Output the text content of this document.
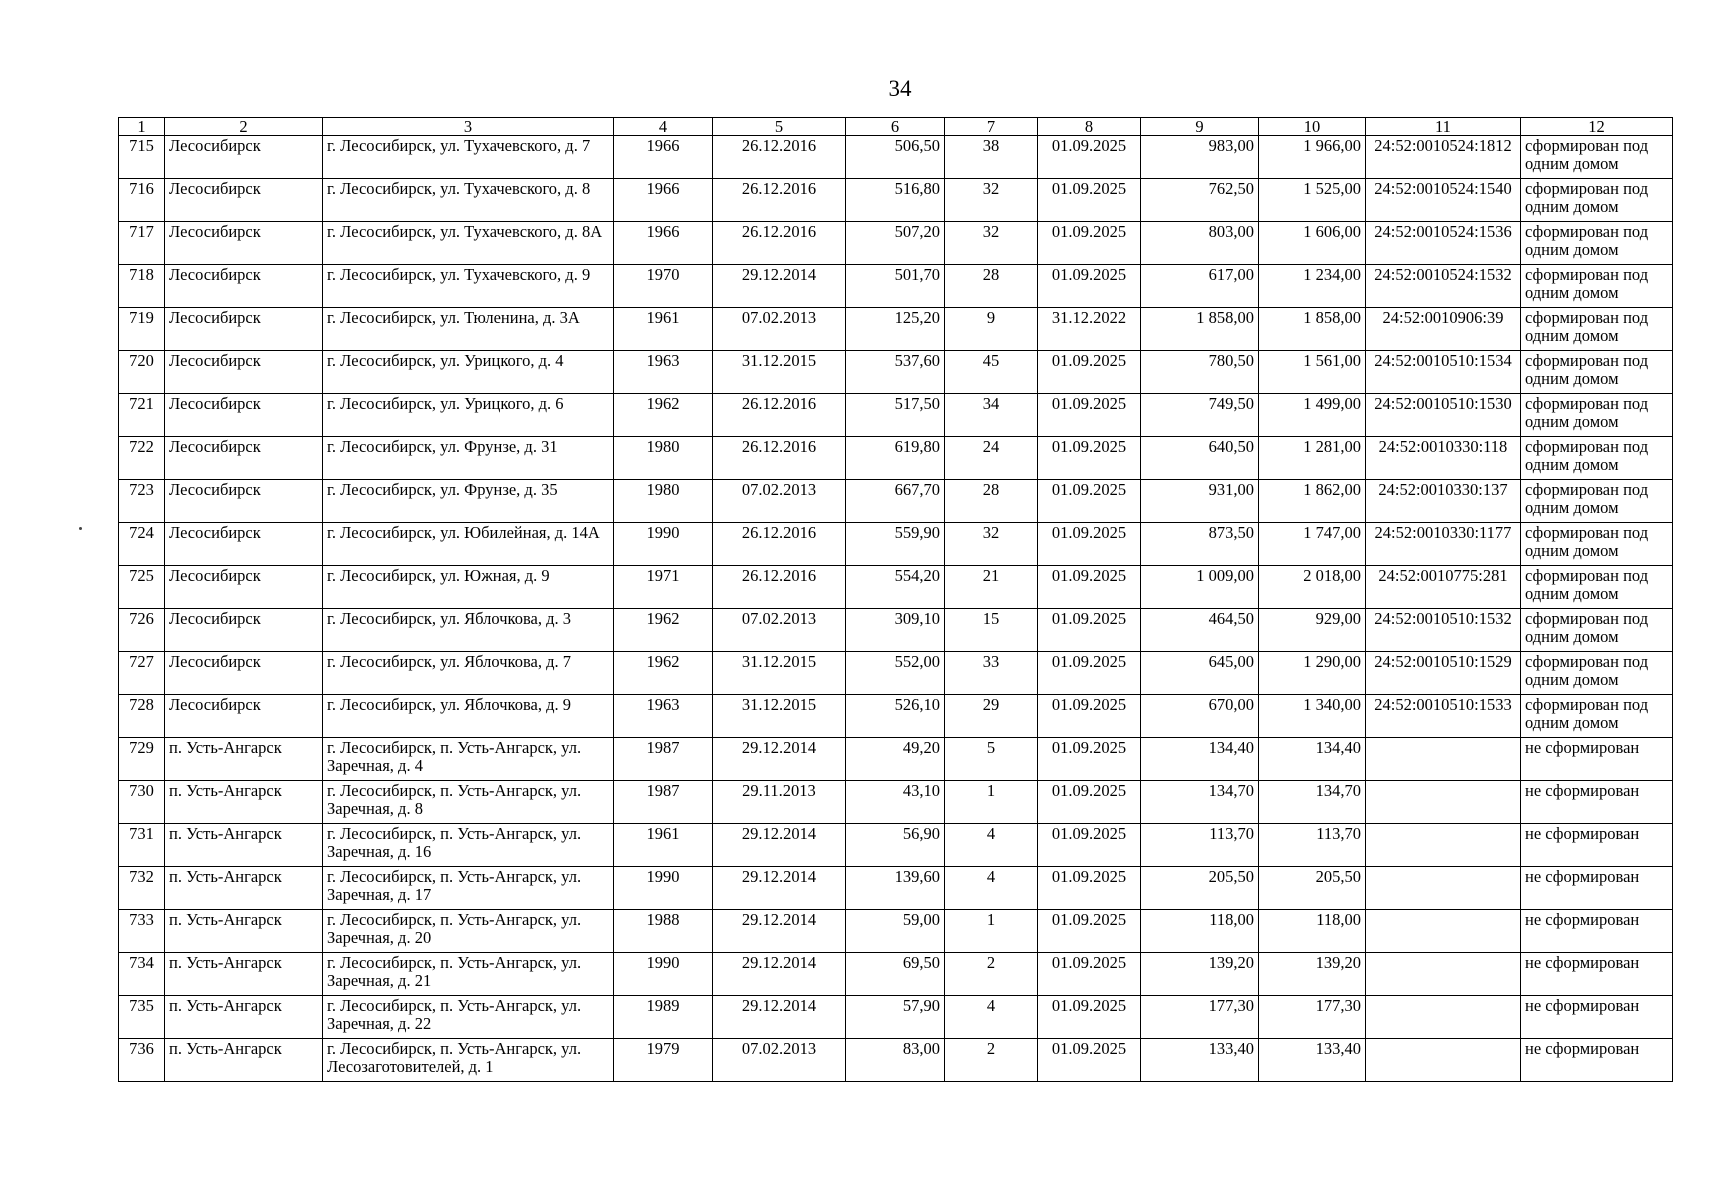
34
1	2	3	4	5	6	7	8	9	10	11	12
715	Лесосибирск	г. Лесосибирск, ул. Тухачевского, д. 7	1966	26.12.2016	506,50	38	01.09.2025	983,00	1 966,00	24:52:0010524:1812	сформирован под одним домом
716	Лесосибирск	г. Лесосибирск, ул. Тухачевского, д. 8	1966	26.12.2016	516,80	32	01.09.2025	762,50	1 525,00	24:52:0010524:1540	сформирован под одним домом
717	Лесосибирск	г. Лесосибирск, ул. Тухачевского, д. 8А	1966	26.12.2016	507,20	32	01.09.2025	803,00	1 606,00	24:52:0010524:1536	сформирован под одним домом
718	Лесосибирск	г. Лесосибирск, ул. Тухачевского, д. 9	1970	29.12.2014	501,70	28	01.09.2025	617,00	1 234,00	24:52:0010524:1532	сформирован под одним домом
719	Лесосибирск	г. Лесосибирск, ул. Тюленина, д. 3А	1961	07.02.2013	125,20	9	31.12.2022	1 858,00	1 858,00	24:52:0010906:39	сформирован под одним домом
720	Лесосибирск	г. Лесосибирск, ул. Урицкого, д. 4	1963	31.12.2015	537,60	45	01.09.2025	780,50	1 561,00	24:52:0010510:1534	сформирован под одним домом
721	Лесосибирск	г. Лесосибирск, ул. Урицкого, д. 6	1962	26.12.2016	517,50	34	01.09.2025	749,50	1 499,00	24:52:0010510:1530	сформирован под одним домом
722	Лесосибирск	г. Лесосибирск, ул. Фрунзе, д. 31	1980	26.12.2016	619,80	24	01.09.2025	640,50	1 281,00	24:52:0010330:118	сформирован под одним домом
723	Лесосибирск	г. Лесосибирск, ул. Фрунзе, д. 35	1980	07.02.2013	667,70	28	01.09.2025	931,00	1 862,00	24:52:0010330:137	сформирован под одним домом
724	Лесосибирск	г. Лесосибирск, ул. Юбилейная, д. 14А	1990	26.12.2016	559,90	32	01.09.2025	873,50	1 747,00	24:52:0010330:1177	сформирован под одним домом
725	Лесосибирск	г. Лесосибирск, ул. Южная, д. 9	1971	26.12.2016	554,20	21	01.09.2025	1 009,00	2 018,00	24:52:0010775:281	сформирован под одним домом
726	Лесосибирск	г. Лесосибирск, ул. Яблочкова, д. 3	1962	07.02.2013	309,10	15	01.09.2025	464,50	929,00	24:52:0010510:1532	сформирован под одним домом
727	Лесосибирск	г. Лесосибирск, ул. Яблочкова, д. 7	1962	31.12.2015	552,00	33	01.09.2025	645,00	1 290,00	24:52:0010510:1529	сформирован под одним домом
728	Лесосибирск	г. Лесосибирск, ул. Яблочкова, д. 9	1963	31.12.2015	526,10	29	01.09.2025	670,00	1 340,00	24:52:0010510:1533	сформирован под одним домом
729	п. Усть-Ангарск	г. Лесосибирск, п. Усть-Ангарск, ул. Заречная, д. 4	1987	29.12.2014	49,20	5	01.09.2025	134,40	134,40		не сформирован
730	п. Усть-Ангарск	г. Лесосибирск, п. Усть-Ангарск, ул. Заречная, д. 8	1987	29.11.2013	43,10	1	01.09.2025	134,70	134,70		не сформирован
731	п. Усть-Ангарск	г. Лесосибирск, п. Усть-Ангарск, ул. Заречная, д. 16	1961	29.12.2014	56,90	4	01.09.2025	113,70	113,70		не сформирован
732	п. Усть-Ангарск	г. Лесосибирск, п. Усть-Ангарск, ул. Заречная, д. 17	1990	29.12.2014	139,60	4	01.09.2025	205,50	205,50		не сформирован
733	п. Усть-Ангарск	г. Лесосибирск, п. Усть-Ангарск, ул. Заречная, д. 20	1988	29.12.2014	59,00	1	01.09.2025	118,00	118,00		не сформирован
734	п. Усть-Ангарск	г. Лесосибирск, п. Усть-Ангарск, ул. Заречная, д. 21	1990	29.12.2014	69,50	2	01.09.2025	139,20	139,20		не сформирован
735	п. Усть-Ангарск	г. Лесосибирск, п. Усть-Ангарск, ул. Заречная, д. 22	1989	29.12.2014	57,90	4	01.09.2025	177,30	177,30		не сформирован
736	п. Усть-Ангарск	г. Лесосибирск, п. Усть-Ангарск, ул. Лесозаготовителей, д. 1	1979	07.02.2013	83,00	2	01.09.2025	133,40	133,40		не сформирован
